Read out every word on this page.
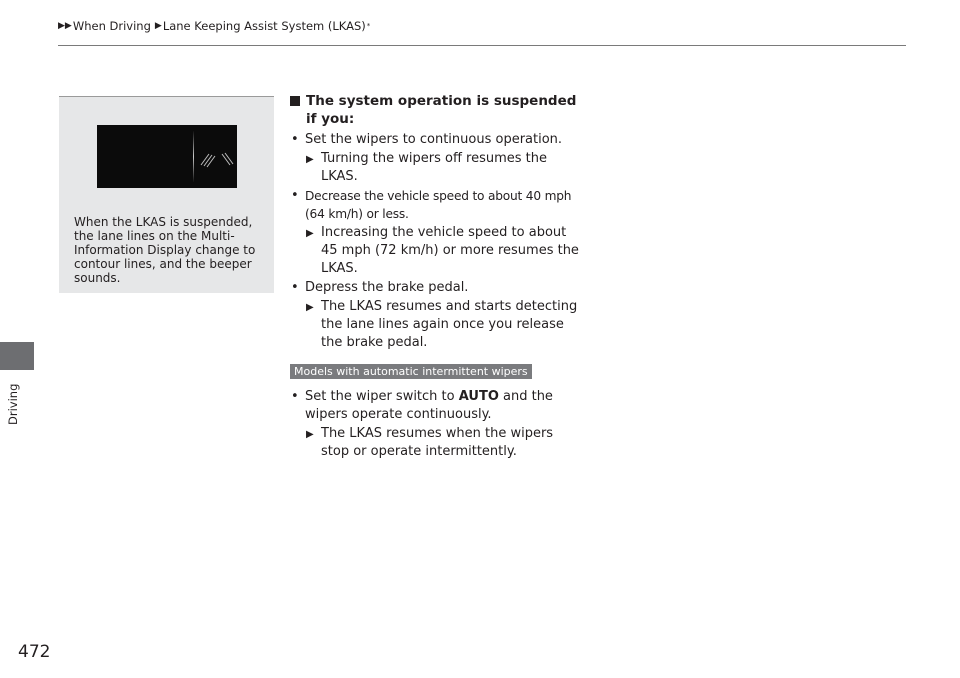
▶▶ When Driving ▶ Lane Keeping Assist System (LKAS) *
Driving
472
When the LKAS is suspended, the lane lines on the Multi-Information Display change to contour lines, and the beeper sounds.
The system operation is suspended if you:
• Set the wipers to continuous operation.
▶ Turning the wipers off resumes the LKAS.
• Decrease the vehicle speed to about 40 mph (64 km/h) or less.
▶ Increasing the vehicle speed to about 45 mph (72 km/h) or more resumes the LKAS.
• Depress the brake pedal.
▶ The LKAS resumes and starts detecting the lane lines again once you release the brake pedal.
Models with automatic intermittent wipers
• Set the wiper switch to AUTO and the wipers operate continuously.
▶ The LKAS resumes when the wipers stop or operate intermittently.
